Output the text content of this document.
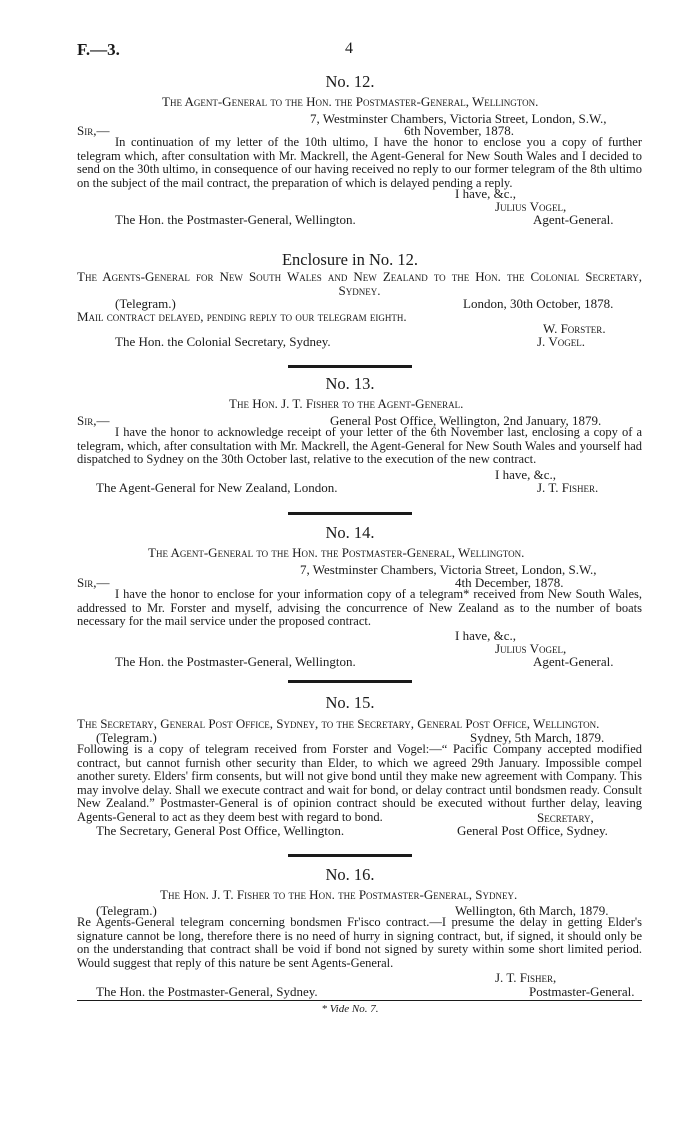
F.—3.	4
No. 12.
The Agent-General to the Hon. the Postmaster-General, Wellington.
7, Westminster Chambers, Victoria Street, London, S.W.,
Sir,—	6th November, 1878.
In continuation of my letter of the 10th ultimo, I have the honor to enclose you a copy of further telegram which, after consultation with Mr. Mackrell, the Agent-General for New South Wales and I decided to send on the 30th ultimo, in consequence of our having received no reply to our former telegram of the 8th ultimo on the subject of the mail contract, the preparation of which is delayed pending a reply.
I have, &c.,
Julius Vogel,
The Hon. the Postmaster-General, Wellington.	Agent-General.
Enclosure in No. 12.
The Agents-General for New South Wales and New Zealand to the Hon. the Colonial Secretary, Sydney.
(Telegram.)	London, 30th October, 1878.
Mail contract delayed, pending reply to our telegram eighth.
W. Forster.
The Hon. the Colonial Secretary, Sydney.	J. Vogel.
No. 13.
The Hon. J. T. Fisher to the Agent-General.
Sir,—	General Post Office, Wellington, 2nd January, 1879.
I have the honor to acknowledge receipt of your letter of the 6th November last, enclosing a copy of a telegram, which, after consultation with Mr. Mackrell, the Agent-General for New South Wales and yourself had dispatched to Sydney on the 30th October last, relative to the execution of the new contract.
I have, &c.,
The Agent-General for New Zealand, London.	J. T. Fisher.
No. 14.
The Agent-General to the Hon. the Postmaster-General, Wellington.
7, Westminster Chambers, Victoria Street, London, S.W.,
Sir,—	4th December, 1878.
I have the honor to enclose for your information copy of a telegram* received from New South Wales, addressed to Mr. Forster and myself, advising the concurrence of New Zealand as to the number of boats necessary for the mail service under the proposed contract.
I have, &c.,
Julius Vogel,
The Hon. the Postmaster-General, Wellington.	Agent-General.
No. 15.
The Secretary, General Post Office, Sydney, to the Secretary, General Post Office, Wellington.
(Telegram.)	Sydney, 5th March, 1879.
Following is a copy of telegram received from Forster and Vogel:—“ Pacific Company accepted modified contract, but cannot furnish other security than Elder, to which we agreed 29th January. Impossible compel another surety. Elders' firm consents, but will not give bond until they make new agreement with Company. This may involve delay. Shall we execute contract and wait for bond, or delay contract until bondsmen ready. Consult New Zealand.” Postmaster-General is of opinion contract should be executed without further delay, leaving Agents-General to act as they deem best with regard to bond.	Secretary,
The Secretary, General Post Office, Wellington.	General Post Office, Sydney.
No. 16.
The Hon. J. T. Fisher to the Hon. the Postmaster-General, Sydney.
(Telegram.)	Wellington, 6th March, 1879.
Re Agents-General telegram concerning bondsmen Fr'isco contract.—I presume the delay in getting Elder's signature cannot be long, therefore there is no need of hurry in signing contract, but, if signed, it should only be on the understanding that contract shall be void if bond not signed by surety within some short limited period. Would suggest that reply of this nature be sent Agents-General.
J. T. Fisher,
The Hon. the Postmaster-General, Sydney.	Postmaster-General.
* Vide No. 7.
